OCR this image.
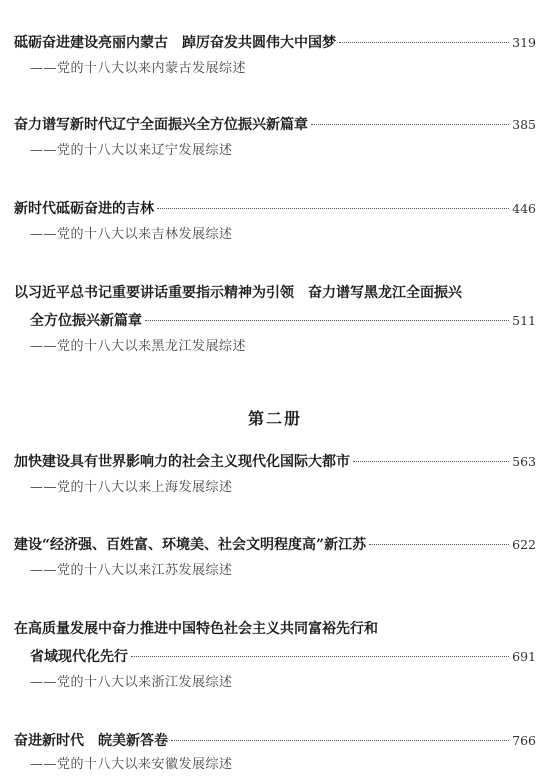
砥砺奋进建设亮丽内蒙古　踔厉奋发共圆伟大中国梦	319
——党的十八大以来内蒙古发展综述
奋力谱写新时代辽宁全面振兴全方位振兴新篇章	385
——党的十八大以来辽宁发展综述
新时代砥砺奋进的吉林	446
——党的十八大以来吉林发展综述
以习近平总书记重要讲话重要指示精神为引领　奋力谱写黑龙江全面振兴
全方位振兴新篇章	511
——党的十八大以来黑龙江发展综述
第二册
加快建设具有世界影响力的社会主义现代化国际大都市	563
——党的十八大以来上海发展综述
建设“经济强、百姓富、环境美、社会文明程度高”新江苏	622
——党的十八大以来江苏发展综述
在高质量发展中奋力推进中国特色社会主义共同富裕先行和
省域现代化先行	691
——党的十八大以来浙江发展综述
奋进新时代　皖美新答卷	766
——党的十八大以来安徽发展综述
